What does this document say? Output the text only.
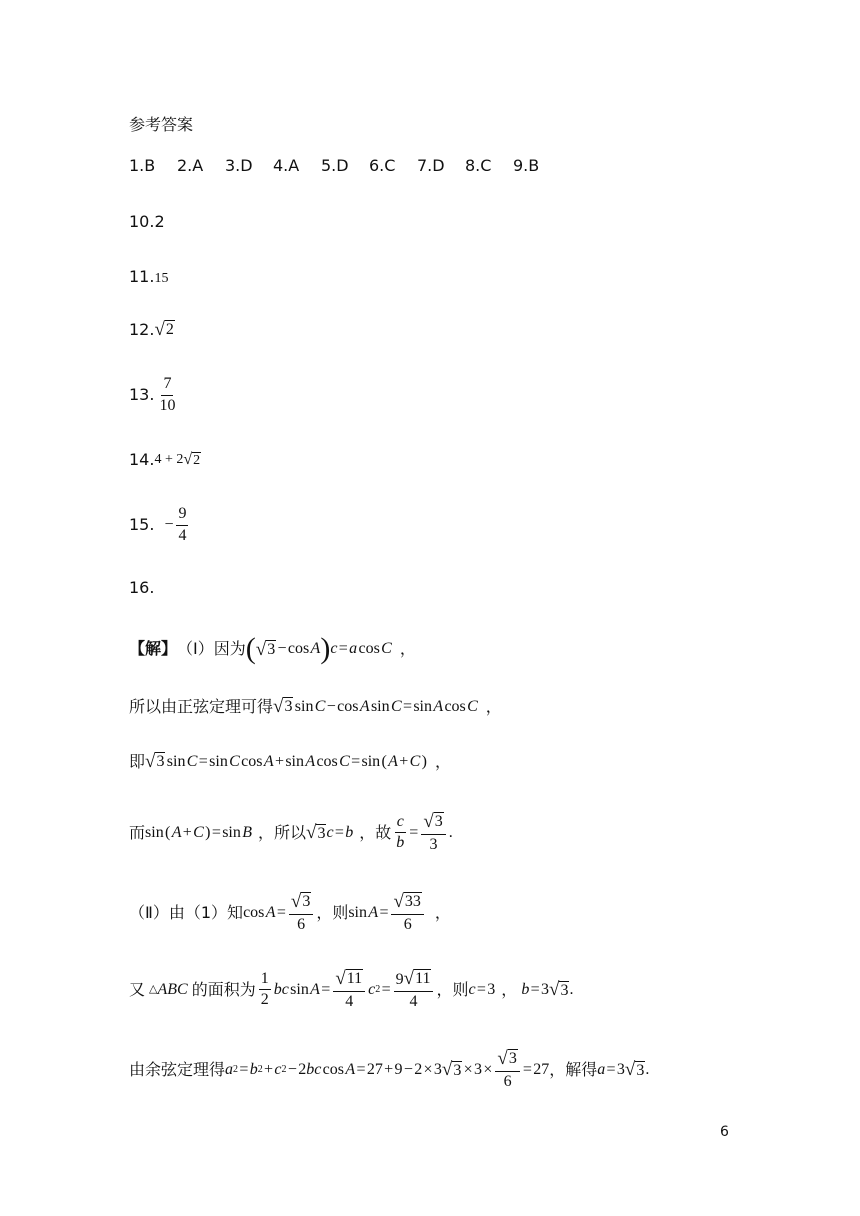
参考答案
1.B 2.A 3.D 4.A 5.D 6.C 7.D 8.C 9.B
10.2
11.15
12. √ 2
13. $\frac{7}{10}$
14. 4 + 2 √ 2
15. − $\frac{9}{4}$
16.
【解】 （Ⅰ）因为 ( √ 3  − cos  A ) c  =  a  cos  C ，
所以由正弦定理可得 √ 3  sin  C  − cos  A  sin  C  = sin  A  cos  C ，
即 √ 3  sin  C  = sin  C  cos  A  + sin  A  cos  C  = sin (  A  +  C  ) ，
而 sin (  A  +  C  ) = sin  B ，所以 √ 3 c  =  b ，故 $\frac{c}{b} = \frac{√ 3}{3}$ .
（Ⅱ）由（1）知 cos  A  = $\frac{√ 3}{6}$ ，则 sin  A  = $\frac{√ 33}{6}$ ，
又 △ ABC 的面积为 $\frac{1}{2}$ bc  sin  A  = $\frac{√ 11}{4}$ c 2  = $\frac{9 √ 11}{4}$ ，则 c  = 3 ， b  = 3 √ 3 .
由余弦定理得 a 2  =  b 2  +  c 2  − 2 bc  cos  A  = 27 + 9 − 2 × 3 √ 3  × 3 × $\frac{√ 3}{6}$ = 27 ，解得 a  = 3 √ 3 .
6
